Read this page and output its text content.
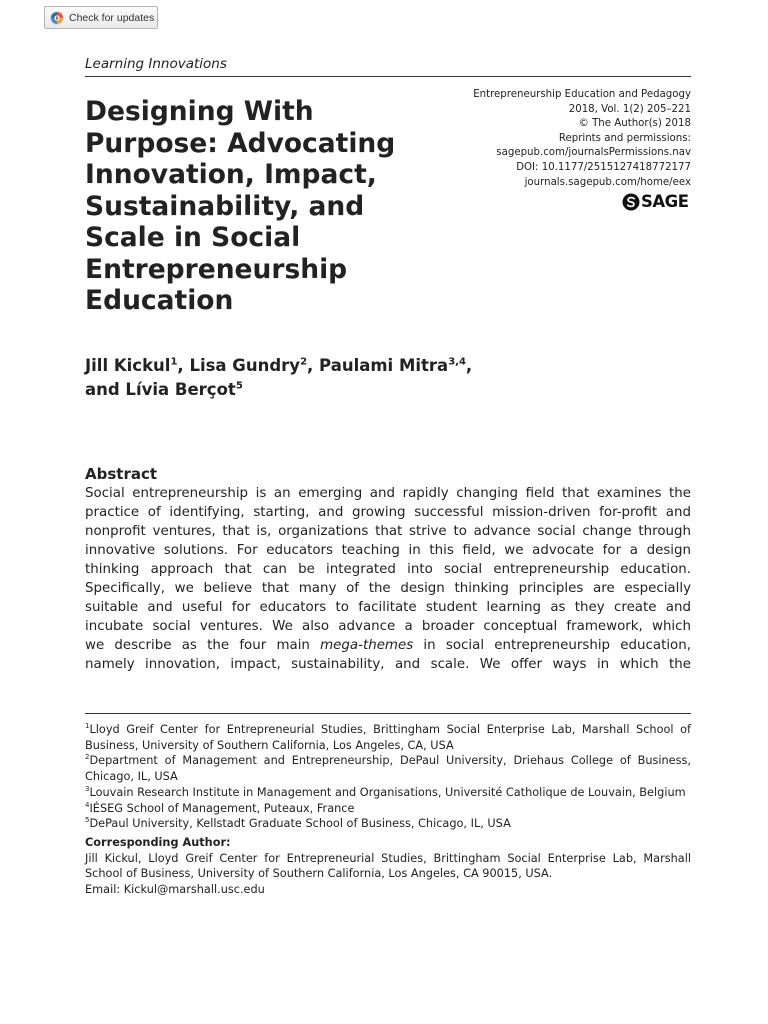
Check for updates
Learning Innovations
Designing With Purpose: Advocating Innovation, Impact, Sustainability, and Scale in Social Entrepreneurship Education
Entrepreneurship Education and Pedagogy
2018, Vol. 1(2) 205–221
© The Author(s) 2018
Reprints and permissions:
sagepub.com/journalsPermissions.nav
DOI: 10.1177/2515127418772177
journals.sagepub.com/home/eex
SAGE

Jill Kickul$^1$, Lisa Gundry$^2$, Paulami Mitra$^{3,4}$,
and Lívia Berçot$^5$

Abstract
Social entrepreneurship is an emerging and rapidly changing field that examines the
practice of identifying, starting, and growing successful mission-driven for-profit and
nonprofit ventures, that is, organizations that strive to advance social change through
innovative solutions. For educators teaching in this field, we advocate for a design
thinking approach that can be integrated into social entrepreneurship education.
Specifically, we believe that many of the design thinking principles are especially
suitable and useful for educators to facilitate student learning as they create and
incubate social ventures. We also advance a broader conceptual framework, which
we describe as the four main mega-themes in social entrepreneurship education,
namely innovation, impact, sustainability, and scale. We offer ways in which the
$^1$Lloyd Greif Center for Entrepreneurial Studies, Brittingham Social Enterprise Lab, Marshall School of Business, University of Southern California, Los Angeles, CA, USA
$^2$Department of Management and Entrepreneurship, DePaul University, Driehaus College of Business, Chicago, IL, USA
$^3$Louvain Research Institute in Management and Organisations, Université Catholique de Louvain, Belgium
$^4$IÉSEG School of Management, Puteaux, France
$^5$DePaul University, Kellstadt Graduate School of Business, Chicago, IL, USA
Corresponding Author:
Jill Kickul, Lloyd Greif Center for Entrepreneurial Studies, Brittingham Social Enterprise Lab, Marshall School of Business, University of Southern California, Los Angeles, CA 90015, USA.
Email: Kickul@marshall.usc.edu
